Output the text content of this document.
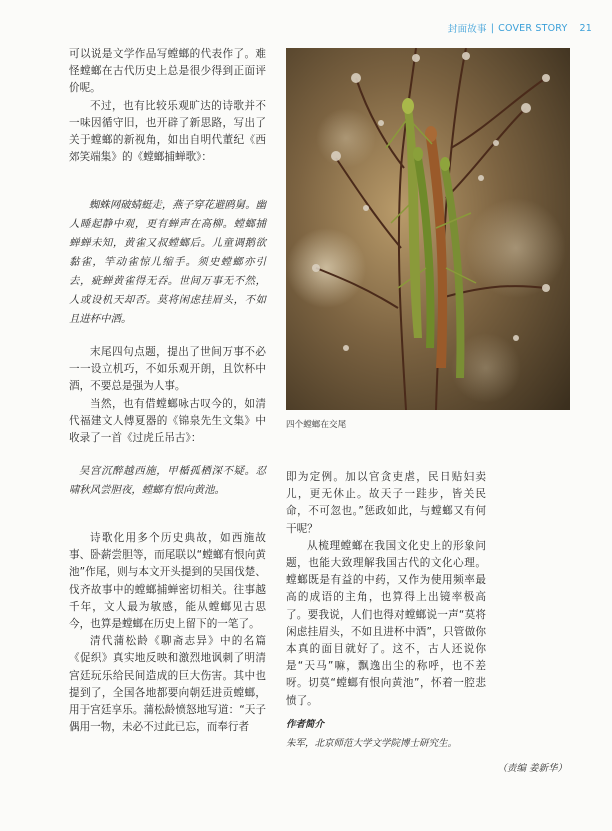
封面故事 | COVER STORY 21

可以说是文学作品写螳螂的代表作了。难怪螳螂在古代历史上总是很少得到正面评价呢。

不过，也有比较乐观旷达的诗歌并不一味因循守旧，也开辟了新思路，写出了关于螳螂的新视角，如出自明代董纪《西郊笑端集》的《螳螂捕蝉歌》：

蜘蛛网破蜻蜓走，燕子穿花避鸥舅。幽人睡起静中观，更有蝉声在高柳。螳螂捕蝉蝉未知，黄雀又叔螳螂后。儿童调鹅欲黏雀，竿动雀惊儿缩手。须史螳螂亦引去，疵蝉黄雀得无吞。世间万事无不然，人或设机天却否。莫将闲虑挂眉头，不如且进杯中酒。

末尾四句点题，提出了世间万事不必一一设立机巧，不如乐观开朗，且饮杯中酒，不要总是强为人事。

当然，也有借螳螂咏古叹今的，如清代福建文人傅夏器的《锦泉先生文集》中收录了一首《过虎丘吊古》：

吴宫沉醉越西施，甲楯孤栖深不疑。忍啸秋风尝胆夜，螳螂有恨向黄池。

诗歌化用多个历史典故，如西施故事、卧薪尝胆等，而尾联以“螳螂有恨向黄池”作尾，则与本文开头提到的吴国伐楚、伐齐故事中的螳螂捕蝉密切相关。往事越千年，文人最为敏感，能从螳螂见古思今，也算是螳螂在历史上留下的一笔了。

清代蒲松龄《聊斋志异》中的名篇《促织》真实地反映和激烈地讽刺了明清宫廷玩乐给民间造成的巨大伤害。其中也提到了，全国各地都要向朝廷进贡螳螂，用于宫廷享乐。蒲松龄愤怒地写道：“天子偶用一物，未必不过此已忘，而奉行者

四个螳螂在交尾

即为定例。加以官贪吏虐，民日贴妇卖儿，更无休止。故天子一跬步，皆关民命，不可忽也。”惩政如此，与螳螂又有何干呢？

从梳理螳螂在我国文化史上的形象问题，也能大致理解我国古代的文化心理。螳螂既是有益的中药，又作为使用频率最高的成语的主角，也算得上出镜率极高了。要我说，人们也得对螳螂说一声“莫将闲虑挂眉头，不如且进杯中酒”，只管做你本真的面目就好了。这不，古人还说你是“天马”嘛，飘逸出尘的称呼，也不差呀。切莫“螳螂有恨向黄池”，怀着一腔悲愤了。

作者简介
朱军，北京师范大学文学院博士研究生。
（责编 姜新华）
